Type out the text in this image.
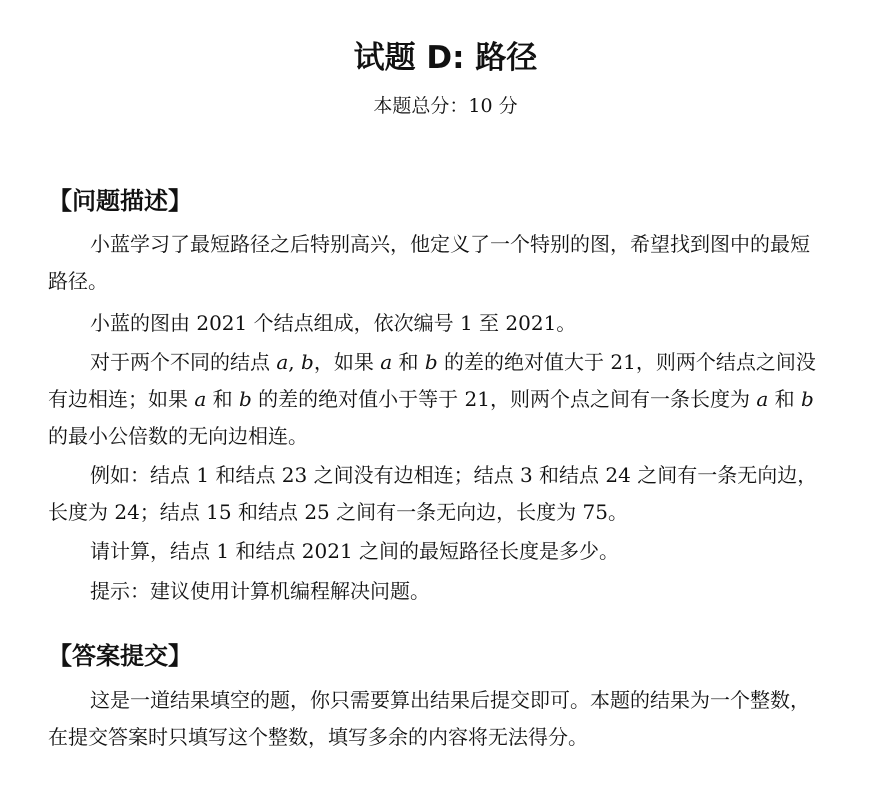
试题 D: 路径
本题总分：10 分
【问题描述】
小蓝学习了最短路径之后特别高兴，他定义了一个特别的图，希望找到图中的最短路径。
小蓝的图由 2021 个结点组成，依次编号 1 至 2021。
对于两个不同的结点 a, b，如果 a 和 b 的差的绝对值大于 21，则两个结点之间没有边相连；如果 a 和 b 的差的绝对值小于等于 21，则两个点之间有一条长度为 a 和 b 的最小公倍数的无向边相连。
例如：结点 1 和结点 23 之间没有边相连；结点 3 和结点 24 之间有一条无向边，长度为 24；结点 15 和结点 25 之间有一条无向边，长度为 75。
请计算，结点 1 和结点 2021 之间的最短路径长度是多少。
提示：建议使用计算机编程解决问题。
【答案提交】
这是一道结果填空的题，你只需要算出结果后提交即可。本题的结果为一个整数，在提交答案时只填写这个整数，填写多余的内容将无法得分。
